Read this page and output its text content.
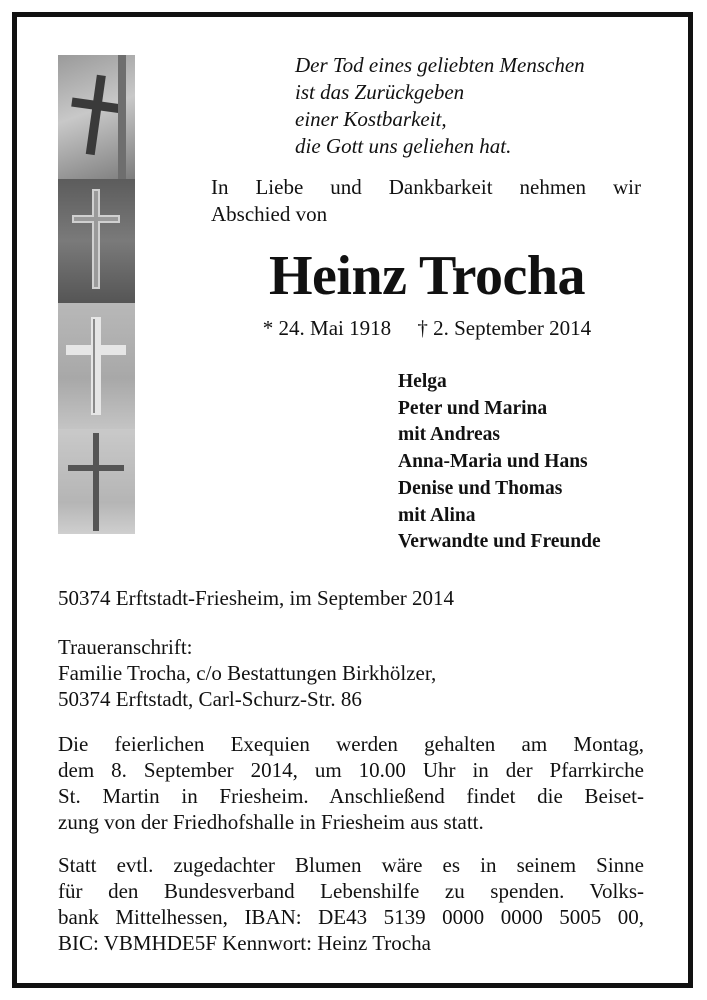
Der Tod eines geliebten Menschen
ist das Zurückgeben
einer Kostbarkeit,
die Gott uns geliehen hat.
In Liebe und Dankbarkeit nehmen wir
Abschied von
Heinz Trocha
* 24. Mai 1918     † 2. September 2014
Helga
Peter und Marina
mit Andreas
Anna-Maria und Hans
Denise und Thomas
mit Alina
Verwandte und Freunde
50374 Erftstadt-Friesheim, im September 2014
Traueranschrift:
Familie Trocha, c/o Bestattungen Birkhölzer,
50374 Erftstadt, Carl-Schurz-Str. 86
Die feierlichen Exequien werden gehalten am Montag,
dem 8. September 2014, um 10.00 Uhr in der Pfarrkirche
St. Martin in Friesheim. Anschließend findet die Beiset-
zung von der Friedhofshalle in Friesheim aus statt.
Statt evtl. zugedachter Blumen wäre es in seinem Sinne
für den Bundesverband Lebenshilfe zu spenden. Volks-
bank Mittelhessen, IBAN: DE43 5139 0000 0000 5005 00,
BIC: VBMHDE5F Kennwort: Heinz Trocha
